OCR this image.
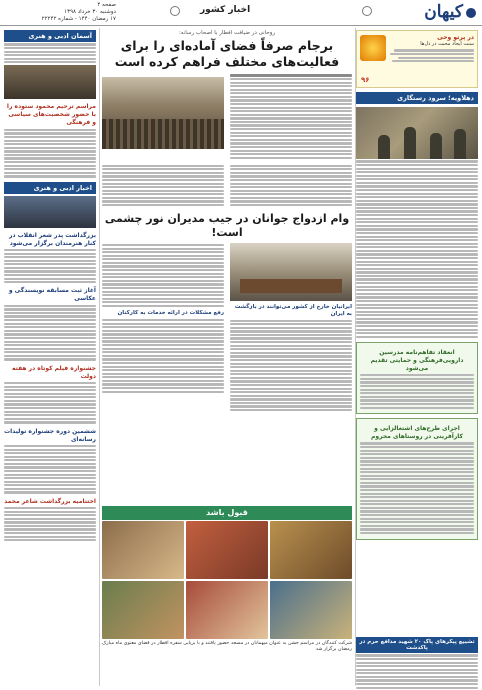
کیهان
اخبار کشور
صفحه ۴
دوشنبه ۳۰ خرداد ۱۳۹۸
۱۷ رمضان ۱۴۴۰ - شماره ۲۲۲۴۲
در پرتو وحی
سنت ایجاد محبت در دل‌ها
۹۶
دهلاویه؛ سرود رستگاری
انعقاد تفاهم‌نامه مدرسین دارویی‌فرهنگی و حمایتی تقدیم می‌شود
اجرای طرح‌های اشتغالزایی و کارآفرینی در روستاهای محروم
تشییع پیکرهای پاک ۲۰ شهید مدافع حرم در پاکدشت
آسمان ادبی و هنری
مراسم ترحیم محمود ستوده را با حضور شخصیت‌های سیاسی و فرهنگی
اخبار ادبی و هنری
بزرگداشت پدر شعر انقلاب در کنار هنرمندان برگزار می‌شود
آغاز ثبت مسابقه نویسندگی و عکاسی
جشنواره فیلم کوتاه در هفته دولت
ششمین دوره جشنواره تولیدات رسانه‌ای
اختتامیه بزرگداشت شاعر محمد
روحانی در ضیافت افطار با اصحاب رسانه:
برجام صرفاً فضای آماده‌ای را برای فعالیت‌های مختلف فراهم کرده است
وام ازدواج جوانان در جیب مدیران نور چشمی است!
ایرانیان خارج از کشور می‌توانند در بازگشت به ایران
رفع مشکلات در ارائه خدمات به کارکنان
قبول باشد
شرکت کنندگان در مراسم جشن به عنوان میهمانان در مسجد حضور یافتند و با برپایی سفره افطار در فضای معنوی ماه مبارک رمضان برگزار شد
